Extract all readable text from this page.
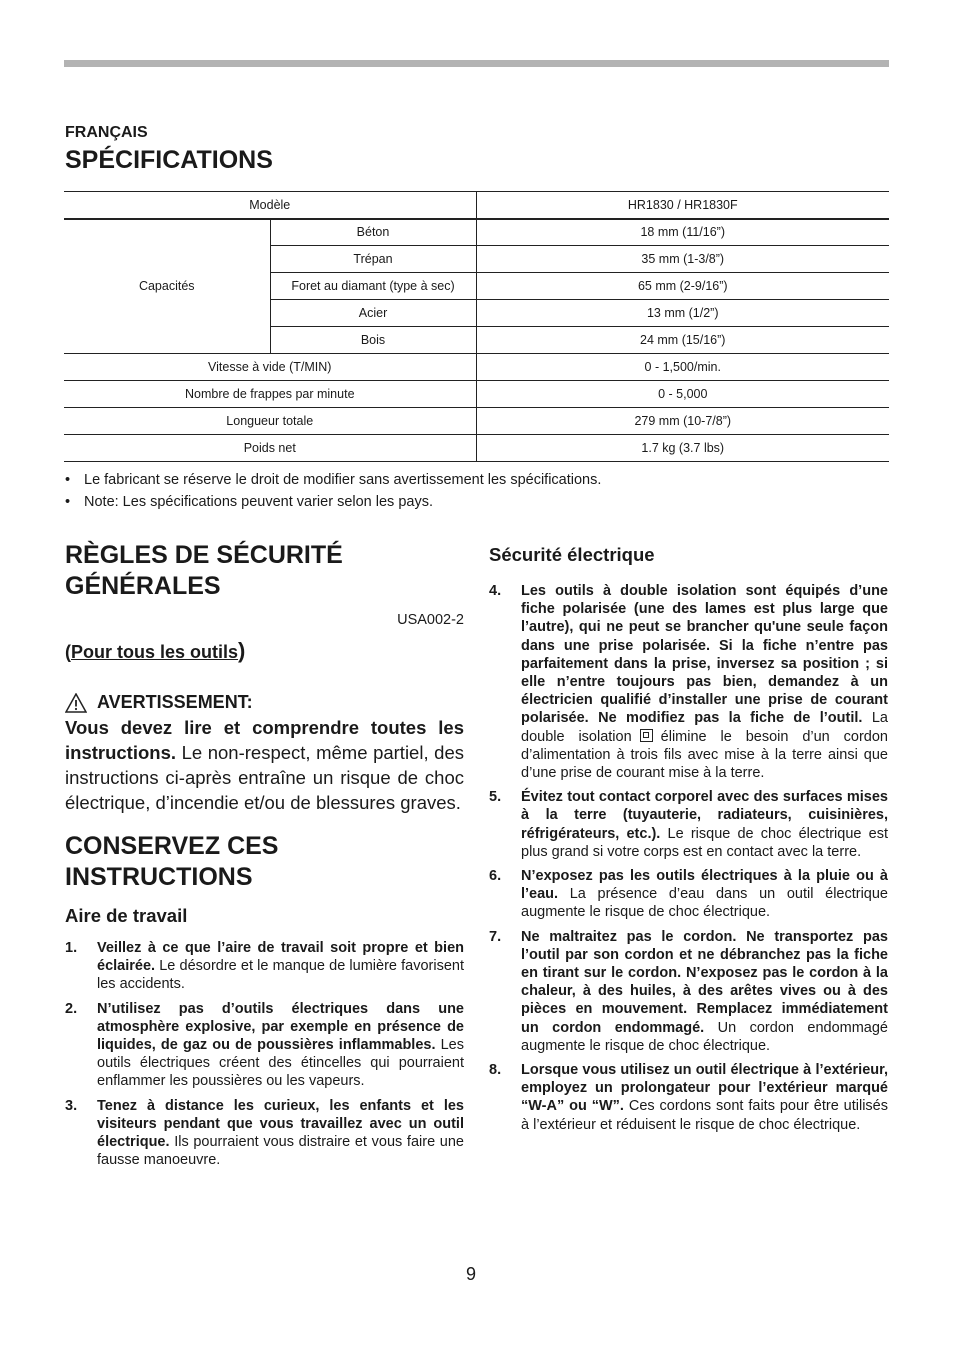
FRANÇAIS
SPÉCIFICATIONS
Modèle		HR1830 / HR1830F
Capacités	Béton	18 mm (11/16”)
	Trépan	35 mm (1-3/8”)
	Foret au diamant (type à sec)	65 mm (2-9/16”)
	Acier	13 mm (1/2”)
	Bois	24 mm (15/16”)
Vitesse à vide (T/MIN)		0 - 1,500/min.
Nombre de frappes par minute		0 - 5,000
Longueur totale		279 mm (10-7/8”)
Poids net		1.7 kg (3.7 lbs)
• Le fabricant se réserve le droit de modifier sans avertissement les spécifications.
• Note: Les spécifications peuvent varier selon les pays.
RÈGLES DE SÉCURITÉ
GÉNÉRALES

USA002-2

(Pour tous les outils)

AVERTISSEMENT:

Vous devez lire et comprendre toutes les instructions. Le non-respect, même partiel, des instructions ci-après entraîne un risque de choc électrique, d’incendie et/ou de blessures graves.

CONSERVEZ CES
INSTRUCTIONS
Aire de travail
1. Veillez à ce que l’aire de travail soit propre et bien éclairée. Le désordre et le manque de lumière favorisent les accidents.
2. N’utilisez pas d’outils électriques dans une atmosphère explosive, par exemple en présence de liquides, de gaz ou de poussières inflammables. Les outils électriques créent des étincelles qui pourraient enflammer les poussières ou les vapeurs.
3. Tenez à distance les curieux, les enfants et les visiteurs pendant que vous travaillez avec un outil électrique. Ils pourraient vous distraire et vous faire une fausse manoeuvre.
Sécurité électrique
4. Les outils à double isolation sont équipés d’une fiche polarisée (une des lames est plus large que l’autre), qui ne peut se brancher qu'une seule façon dans une prise polarisée. Si la fiche n’entre pas parfaitement dans la prise, inversez sa position ; si elle n’entre toujours pas bien, demandez à un électricien qualifié d’installer une prise de courant polarisée. Ne modifiez pas la fiche de l’outil. La double isolation élimine le besoin d’un cordon d’alimentation à trois fils avec mise à la terre ainsi que d’une prise de courant mise à la terre.
5. Évitez tout contact corporel avec des surfaces mises à la terre (tuyauterie, radiateurs, cuisinières, réfrigérateurs, etc.). Le risque de choc électrique est plus grand si votre corps est en contact avec la terre.
6. N’exposez pas les outils électriques à la pluie ou à l’eau. La présence d’eau dans un outil électrique augmente le risque de choc électrique.
7. Ne maltraitez pas le cordon. Ne transportez pas l’outil par son cordon et ne débranchez pas la fiche en tirant sur le cordon. N’exposez pas le cordon à la chaleur, à des huiles, à des arêtes vives ou à des pièces en mouvement. Remplacez immédiatement un cordon endommagé. Un cordon endommagé augmente le risque de choc électrique.
8. Lorsque vous utilisez un outil électrique à l’extérieur, employez un prolongateur pour l’extérieur marqué “W-A” ou “W”. Ces cordons sont faits pour être utilisés à l’extérieur et réduisent le risque de choc électrique.
9
